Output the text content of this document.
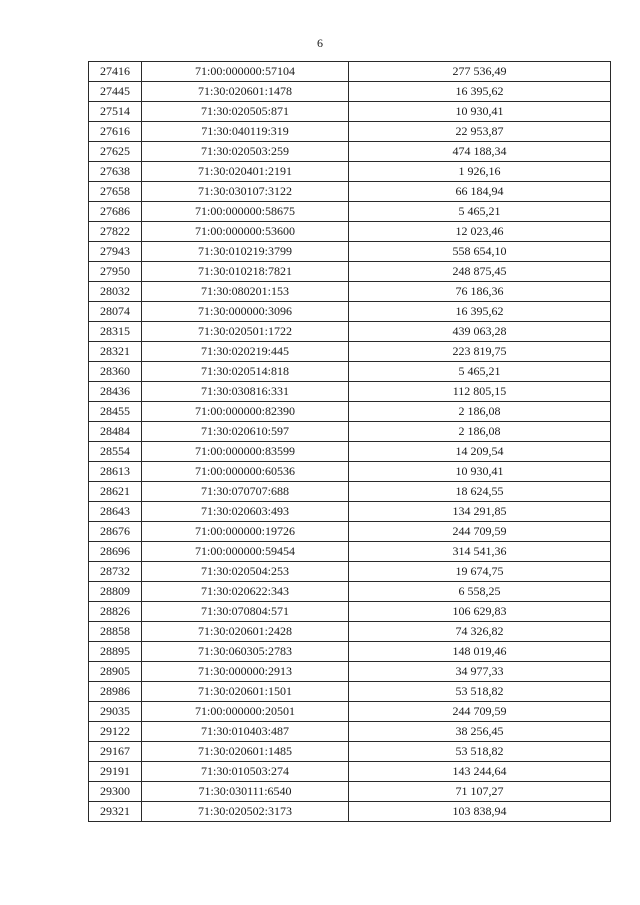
6
27416	71:00:000000:57104	277 536,49
27445	71:30:020601:1478	16 395,62
27514	71:30:020505:871	10 930,41
27616	71:30:040119:319	22 953,87
27625	71:30:020503:259	474 188,34
27638	71:30:020401:2191	1 926,16
27658	71:30:030107:3122	66 184,94
27686	71:00:000000:58675	5 465,21
27822	71:00:000000:53600	12 023,46
27943	71:30:010219:3799	558 654,10
27950	71:30:010218:7821	248 875,45
28032	71:30:080201:153	76 186,36
28074	71:30:000000:3096	16 395,62
28315	71:30:020501:1722	439 063,28
28321	71:30:020219:445	223 819,75
28360	71:30:020514:818	5 465,21
28436	71:30:030816:331	112 805,15
28455	71:00:000000:82390	2 186,08
28484	71:30:020610:597	2 186,08
28554	71:00:000000:83599	14 209,54
28613	71:00:000000:60536	10 930,41
28621	71:30:070707:688	18 624,55
28643	71:30:020603:493	134 291,85
28676	71:00:000000:19726	244 709,59
28696	71:00:000000:59454	314 541,36
28732	71:30:020504:253	19 674,75
28809	71:30:020622:343	6 558,25
28826	71:30:070804:571	106 629,83
28858	71:30:020601:2428	74 326,82
28895	71:30:060305:2783	148 019,46
28905	71:30:000000:2913	34 977,33
28986	71:30:020601:1501	53 518,82
29035	71:00:000000:20501	244 709,59
29122	71:30:010403:487	38 256,45
29167	71:30:020601:1485	53 518,82
29191	71:30:010503:274	143 244,64
29300	71:30:030111:6540	71 107,27
29321	71:30:020502:3173	103 838,94
